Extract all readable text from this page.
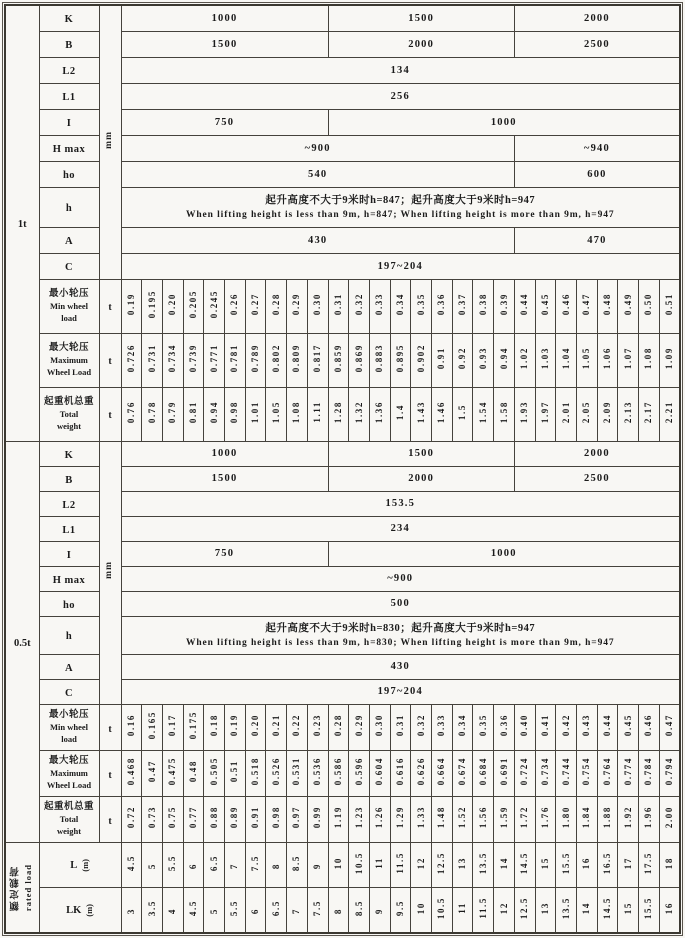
1t	K	mm	1000										1500									2000							
	B		1500										2000									2500							
	L2		134																										
	L1		256																										
	I		750										1000																
	H max		~900																			~940							
	ho		540																			600							
	h		起升高度不大于9米时h=847；起升高度大于9米时h=947
When lifting height is less than 9m, h=847; When lifting height is more than 9m, h=947																										

	A		430																			470							
	C		197~204																										

	最小轮压
Min wheel
load	t	0.19	0.195	0.20	0.205	0.245	0.26	0.27	0.28	0.29	0.30	0.31	0.32	0.33	0.34	0.35	0.36	0.37	0.38	0.39	0.44	0.45	0.46	0.47	0.48	0.49	0.50	0.51

	最大轮压
Maximum
Wheel Load	t	0.726	0.731	0.734	0.739	0.771	0.781	0.789	0.802	0.809	0.817	0.859	0.869	0.883	0.895	0.902	0.91	0.92	0.93	0.94	1.02	1.03	1.04	1.05	1.06	1.07	1.08	1.09

	起重机总重
Total
weight	t	0.76	0.78	0.79	0.81	0.94	0.98	1.01	1.05	1.08	1.11	1.28	1.32	1.36	1.4	1.43	1.46	1.5	1.54	1.58	1.93	1.97	2.01	2.05	2.09	2.13	2.17	2.21
0.5t	K	mm	1000										1500									2000							
	B		1500										2000									2500							
	L2		153.5																										
	L1		234																										
	I		750										1000																
	H max		~900																										
	ho		500																										
	h		起升高度不大于9米时h=830；起升高度大于9米时h=947
When lifting height is less than 9m, h=830; When lifting height is more than 9m, h=947																										

	A		430																										
	C		197~204																										

	最小轮压
Min wheel
load	t	0.16	0.165	0.17	0.175	0.18	0.19	0.20	0.21	0.22	0.23	0.28	0.29	0.30	0.31	0.32	0.33	0.34	0.35	0.36	0.40	0.41	0.42	0.43	0.44	0.45	0.46	0.47

	最大轮压
Maximum
Wheel Load	t	0.468	0.47	0.475	0.48	0.505	0.51	0.518	0.526	0.531	0.536	0.586	0.596	0.604	0.616	0.626	0.664	0.674	0.684	0.691	0.724	0.734	0.744	0.754	0.764	0.774	0.784	0.794

	起重机总重
Total
weight	t	0.72	0.73	0.75	0.77	0.88	0.89	0.91	0.98	0.97	0.99	1.19	1.23	1.26	1.29	1.33	1.48	1.52	1.56	1.59	1.72	1.76	1.80	1.84	1.88	1.92	1.96	2.00

额定载荷 rated load	L (m)		4.5	5	5.5	6	6.5	7	7.5	8	8.5	9	10	10.5	11	11.5	12	12.5	13	13.5	14	14.5	15	15.5	16	16.5	17	17.5	18

	LK (m)		3	3.5	4	4.5	5	5.5	6	6.5	7	7.5	8	8.5	9	9.5	10	10.5	11	11.5	12	12.5	13	13.5	14	14.5	15	15.5	16
